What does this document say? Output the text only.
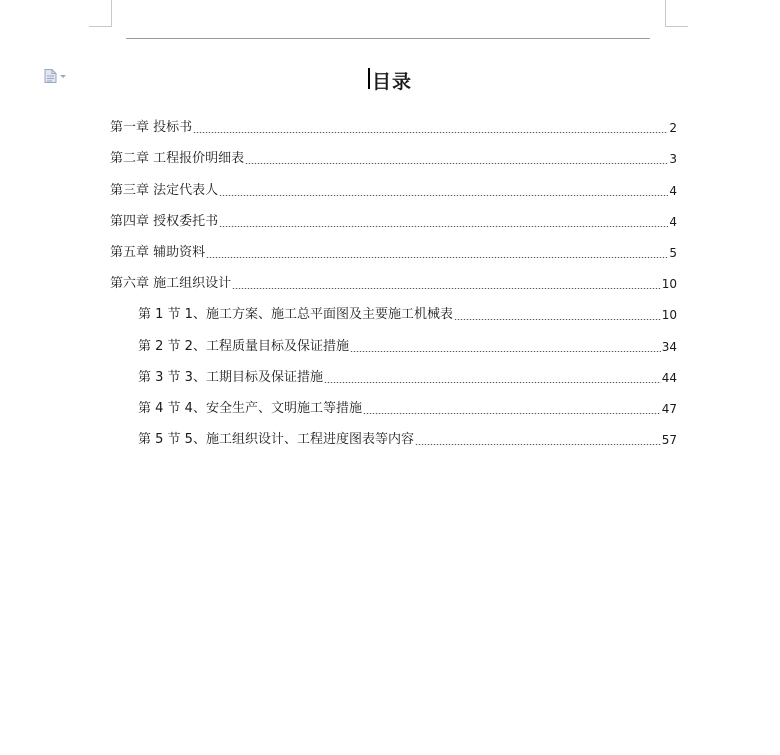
目录
第一章 投标书	2
第二章 工程报价明细表	3
第三章 法定代表人	4
第四章 授权委托书	4
第五章 辅助资料	5
第六章 施工组织设计	10
第 1 节 1、施工方案、施工总平面图及主要施工机械表	10
第 2 节 2、工程质量目标及保证措施	34
第 3 节 3、工期目标及保证措施	44
第 4 节 4、安全生产、文明施工等措施	47
第 5 节 5、施工组织设计、工程进度图表等内容	57
